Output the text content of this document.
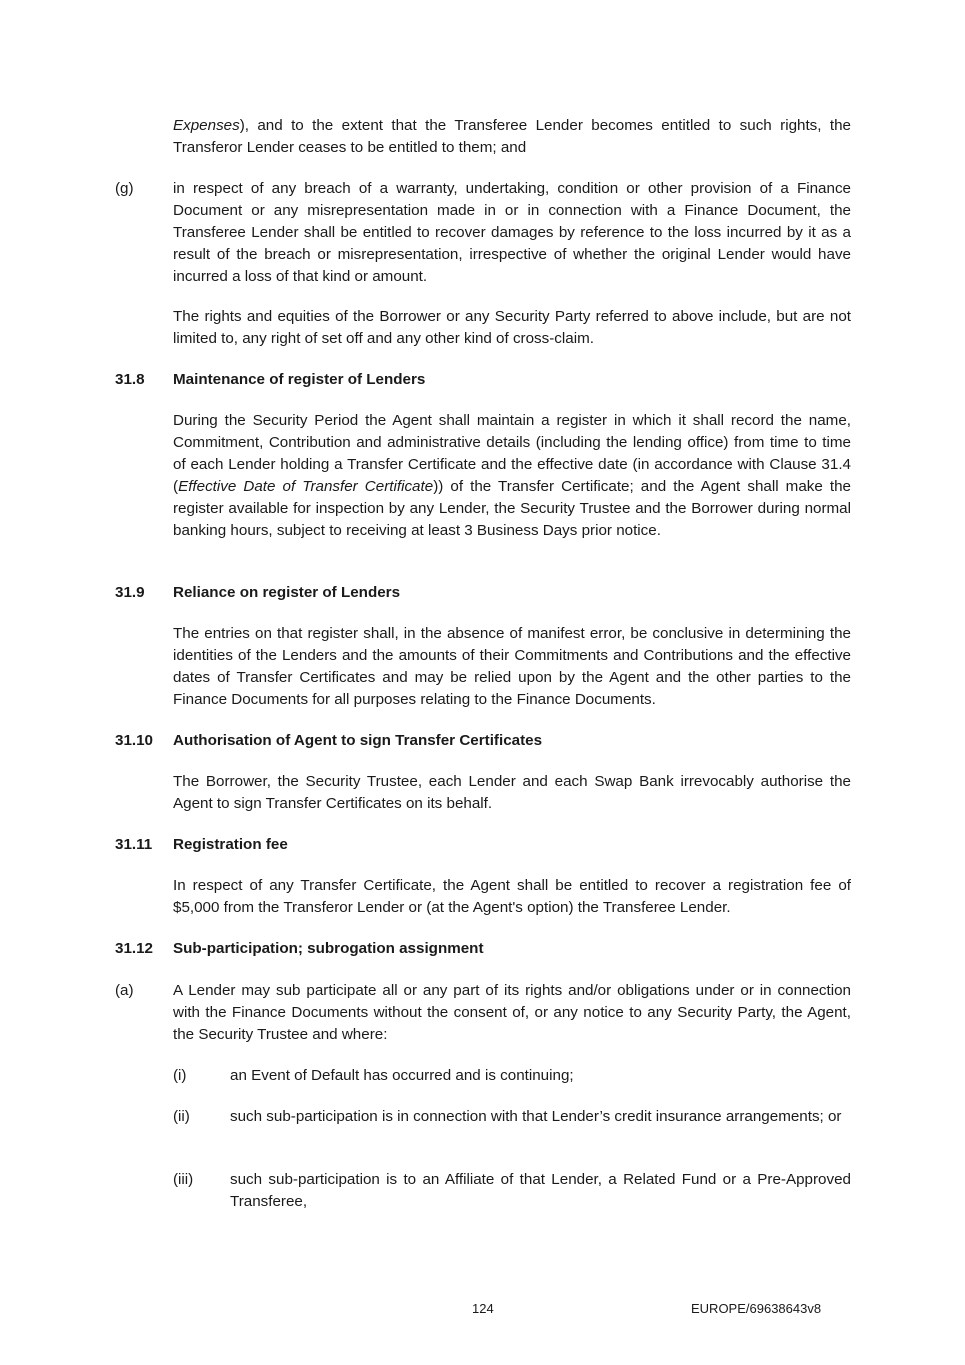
Expenses), and to the extent that the Transferee Lender becomes entitled to such rights, the Transferor Lender ceases to be entitled to them; and

(g)	in respect of any breach of a warranty, undertaking, condition or other provision of a Finance Document or any misrepresentation made in or in connection with a Finance Document, the Transferee Lender shall be entitled to recover damages by reference to the loss incurred by it as a result of the breach or misrepresentation, irrespective of whether the original Lender would have incurred a loss of that kind or amount.

The rights and equities of the Borrower or any Security Party referred to above include, but are not limited to, any right of set off and any other kind of cross-claim.

31.8 Maintenance of register of Lenders

During the Security Period the Agent shall maintain a register in which it shall record the name, Commitment, Contribution and administrative details (including the lending office) from time to time of each Lender holding a Transfer Certificate and the effective date (in accordance with Clause 31.4 (Effective Date of Transfer Certificate)) of the Transfer Certificate; and the Agent shall make the register available for inspection by any Lender, the Security Trustee and the Borrower during normal banking hours, subject to receiving at least 3 Business Days prior notice.

31.9 Reliance on register of Lenders

The entries on that register shall, in the absence of manifest error, be conclusive in determining the identities of the Lenders and the amounts of their Commitments and Contributions and the effective dates of Transfer Certificates and may be relied upon by the Agent and the other parties to the Finance Documents for all purposes relating to the Finance Documents.

31.10 Authorisation of Agent to sign Transfer Certificates

The Borrower, the Security Trustee, each Lender and each Swap Bank irrevocably authorise the Agent to sign Transfer Certificates on its behalf.

31.11 Registration fee

In respect of any Transfer Certificate, the Agent shall be entitled to recover a registration fee of $5,000 from the Transferor Lender or (at the Agent's option) the Transferee Lender.

31.12 Sub-participation; subrogation assignment
(a)	A Lender may sub participate all or any part of its rights and/or obligations under or in connection with the Finance Documents without the consent of, or any notice to any Security Party, the Agent, the Security Trustee and where:

(i)	an Event of Default has occurred and is continuing;

(ii)	such sub-participation is in connection with that Lender’s credit insurance arrangements; or

(iii) such sub-participation is to an Affiliate of that Lender, a Related Fund or a Pre-Approved Transferee,

124	EUROPE/69638643v8
